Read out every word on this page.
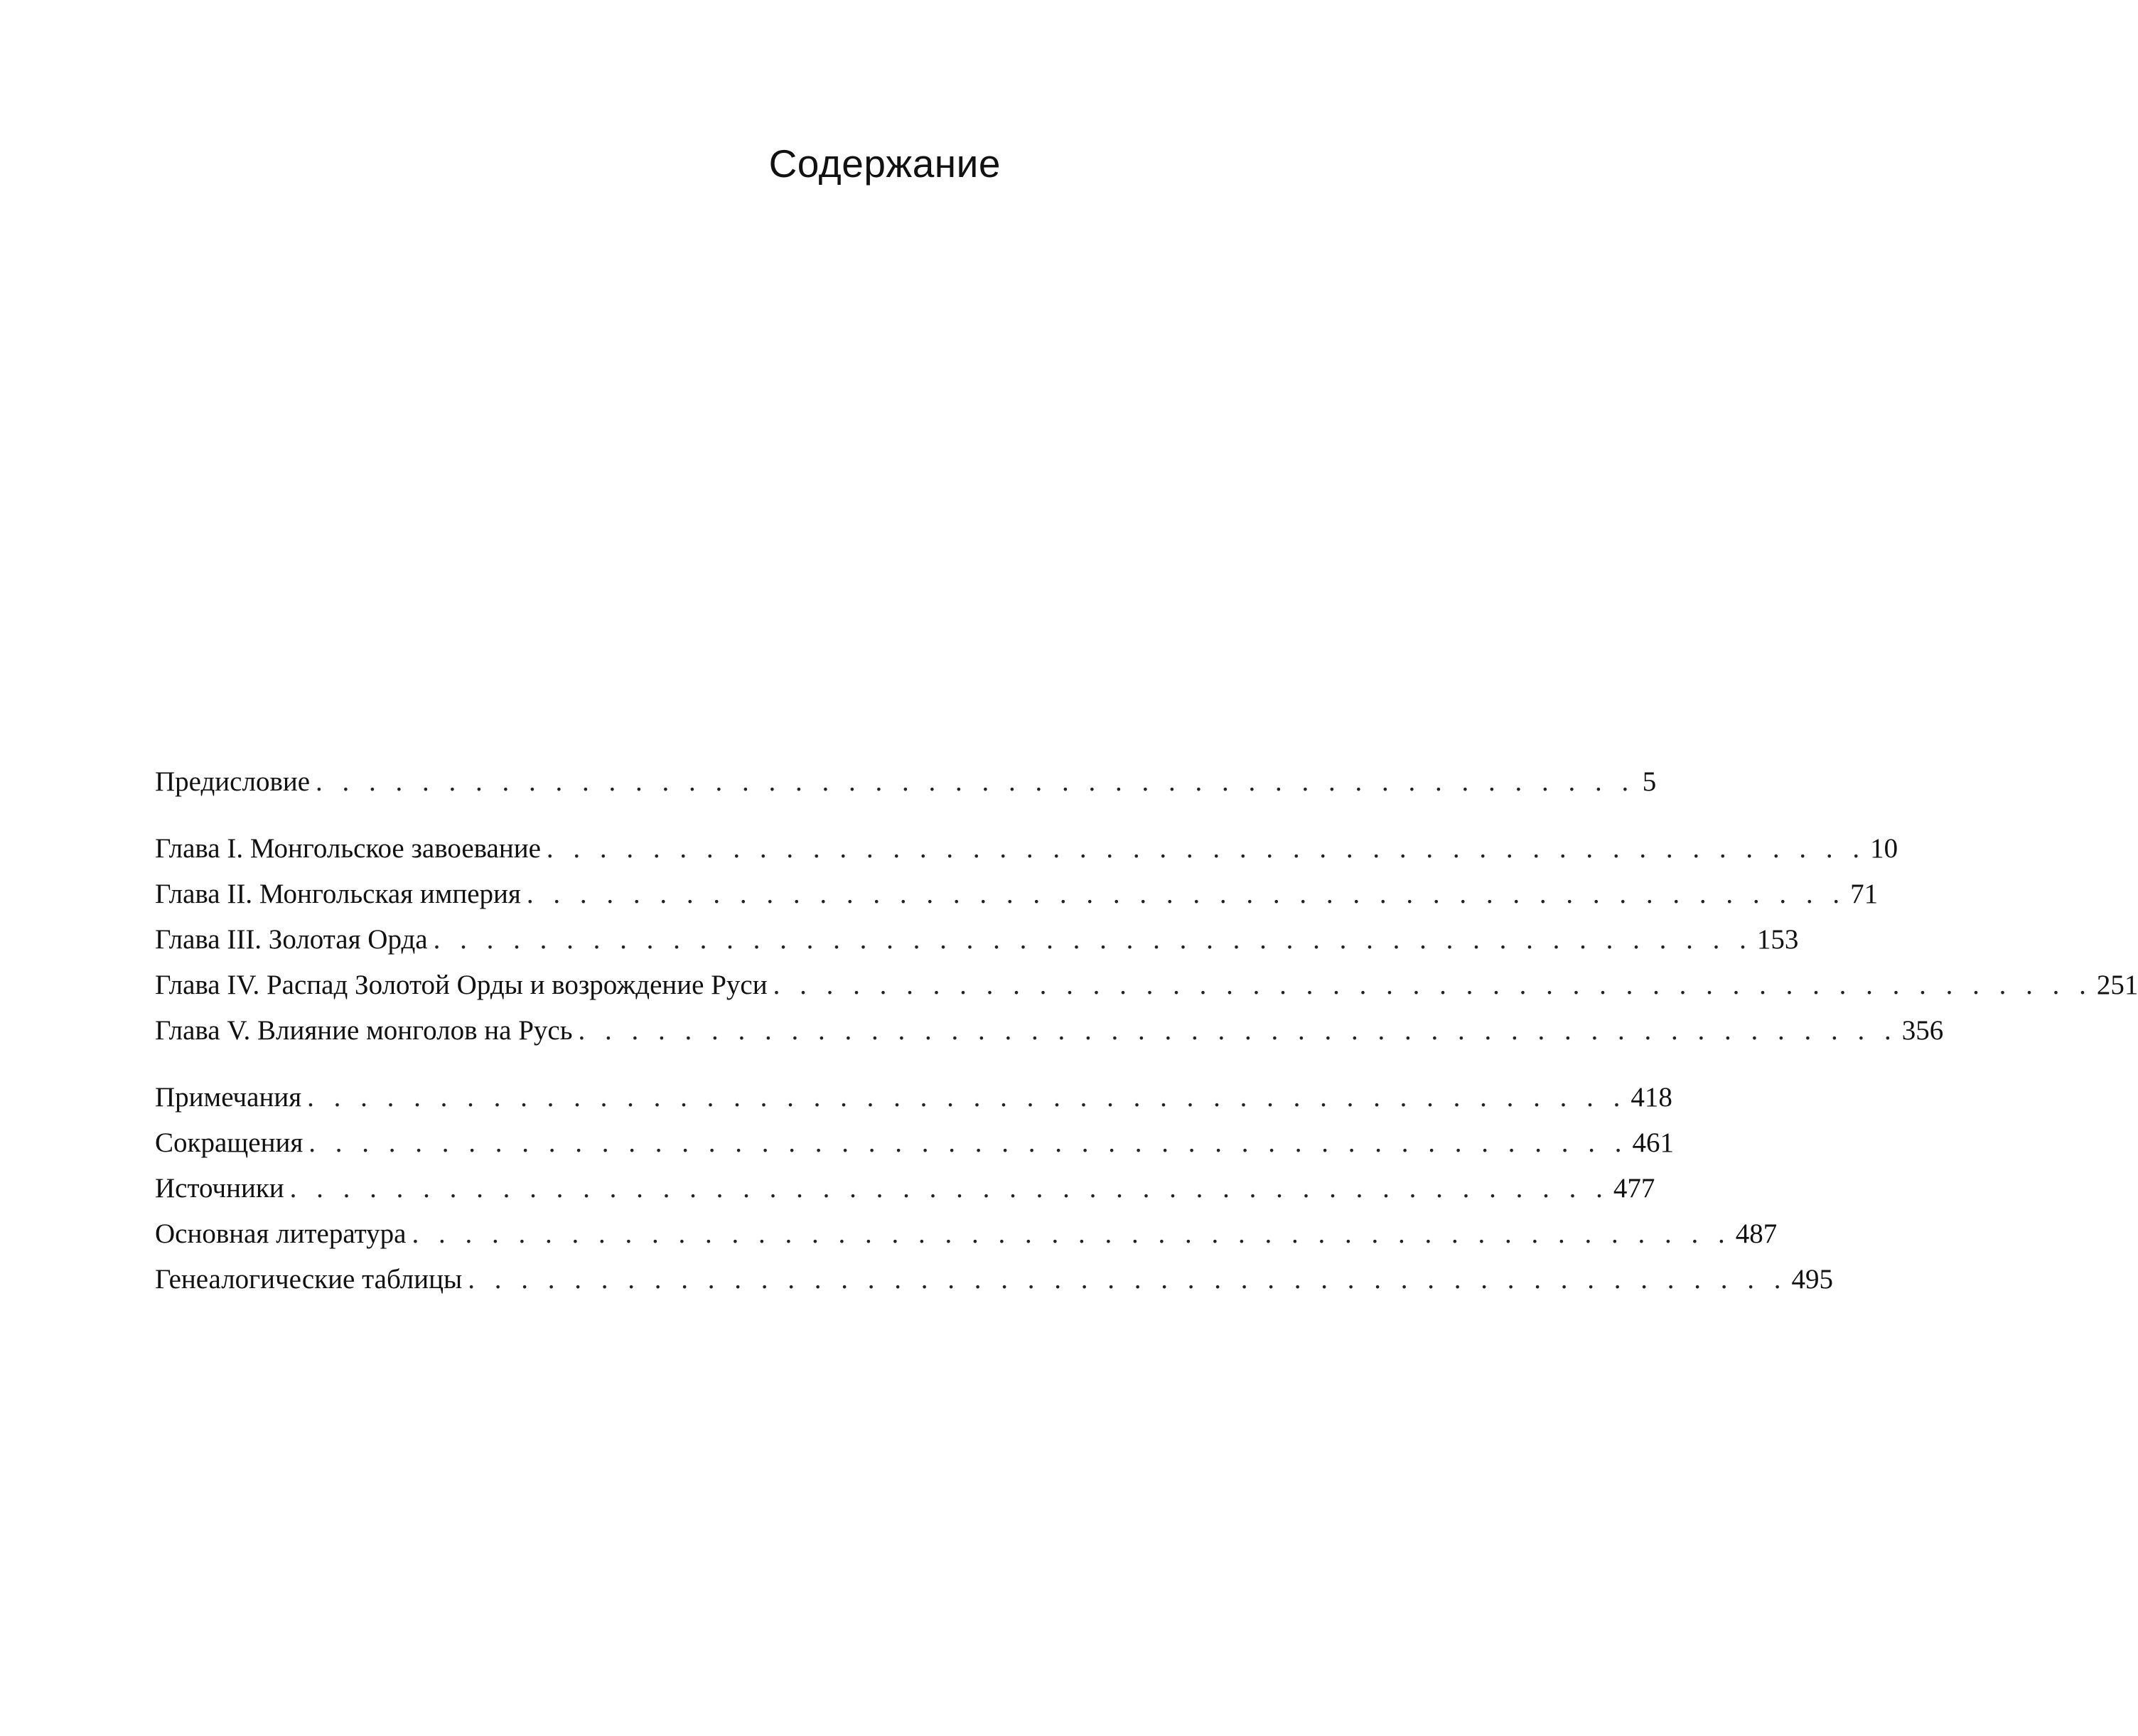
Содержание
Предисловие . . . . . . . . . . . . . . . . . . . . . . . . . . . . . . . . . . . . . . . . . . . . . . . . . . 5
Глава I. Монгольское завоевание . . . . . . . . . . . . . . . . . . . . . . . . . . . . . . . . . . . . . . . . . . . . . . . . . . 10
Глава II. Монгольская империя . . . . . . . . . . . . . . . . . . . . . . . . . . . . . . . . . . . . . . . . . . . . . . . . . . 71
Глава III. Золотая Орда . . . . . . . . . . . . . . . . . . . . . . . . . . . . . . . . . . . . . . . . . . . . . . . . . . 153
Глава IV. Распад Золотой Орды и возрождение Руси . . . . . . . . . . . . . . . . . . . . . . . . . . . . . . . . . . . . . . . . . . . . . . . . . . 251
Глава V. Влияние монголов на Русь . . . . . . . . . . . . . . . . . . . . . . . . . . . . . . . . . . . . . . . . . . . . . . . . . . 356
Примечания . . . . . . . . . . . . . . . . . . . . . . . . . . . . . . . . . . . . . . . . . . . . . . . . . . 418
Сокращения . . . . . . . . . . . . . . . . . . . . . . . . . . . . . . . . . . . . . . . . . . . . . . . . . . 461
Источники . . . . . . . . . . . . . . . . . . . . . . . . . . . . . . . . . . . . . . . . . . . . . . . . . . 477
Основная литература . . . . . . . . . . . . . . . . . . . . . . . . . . . . . . . . . . . . . . . . . . . . . . . . . . 487
Генеалогические таблицы . . . . . . . . . . . . . . . . . . . . . . . . . . . . . . . . . . . . . . . . . . . . . . . . . . 495
